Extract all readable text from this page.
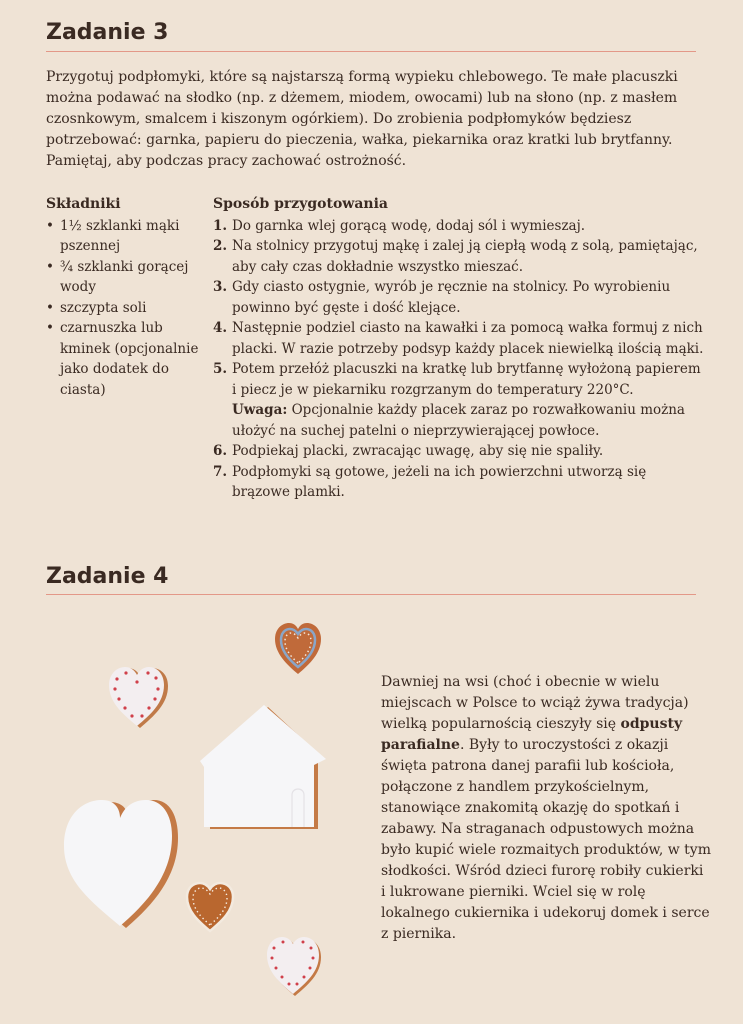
Zadanie 3

Przygotuj podpłomyki, które są najstarszą formą wypieku chlebowego. Te małe placuszki można podawać na słodko (np. z dżemem, miodem, owocami) lub na słono (np. z masłem czosnkowym, smalcem i kiszonym ogórkiem). Do zrobienia podpłomyków będziesz potrzebować: garnka, papieru do pieczenia, wałka, piekarnika oraz kratki lub brytfanny. Pamiętaj, aby podczas pracy zachować ostrożność.

Składniki
• 1½ szklanki mąki pszennej
• ¾ szklanki gorącej wody
• szczypta soli
• czarnuszka lub kminek (opcjonalnie jako dodatek do ciasta)
Sposób przygotowania
1. Do garnka wlej gorącą wodę, dodaj sól i wymieszaj.
2. Na stolnicy przygotuj mąkę i zalej ją ciepłą wodą z solą, pamiętając, aby cały czas dokładnie wszystko mieszać.
3. Gdy ciasto ostygnie, wyrób je ręcznie na stolnicy. Po wyrobieniu powinno być gęste i dość klejące.
4. Następnie podziel ciasto na kawałki i za pomocą wałka formuj z nich placki. W razie potrzeby podsyp każdy placek niewielką ilością mąki.
5. Potem przełóż placuszki na kratkę lub brytfannę wyłożoną papierem i piecz je w piekarniku rozgrzanym do temperatury 220°C.
Uwaga: Opcjonalnie każdy placek zaraz po rozwałkowaniu można ułożyć na suchej patelni o nieprzywierającej powłoce.
6. Podpiekaj placki, zwracając uwagę, aby się nie spaliły.
7. Podpłomyki są gotowe, jeżeli na ich powierzchni utworzą się brązowe plamki.
Zadanie 4

Dawniej na wsi (choć i obecnie w wielu miejscach w Polsce to wciąż żywa tradycja) wielką popularnością cieszyły się odpusty parafialne. Były to uroczystości z okazji święta patrona danej parafii lub kościoła, połączone z handlem przykościelnym, stanowiące znakomitą okazję do spotkań i zabawy. Na straganach odpustowych można było kupić wiele rozmaitych produktów, w tym słodkości. Wśród dzieci furorę robiły cukierki i lukrowane pierniki. Wciel się w rolę lokalnego cukiernika i udekoruj domek i serce z piernika.
